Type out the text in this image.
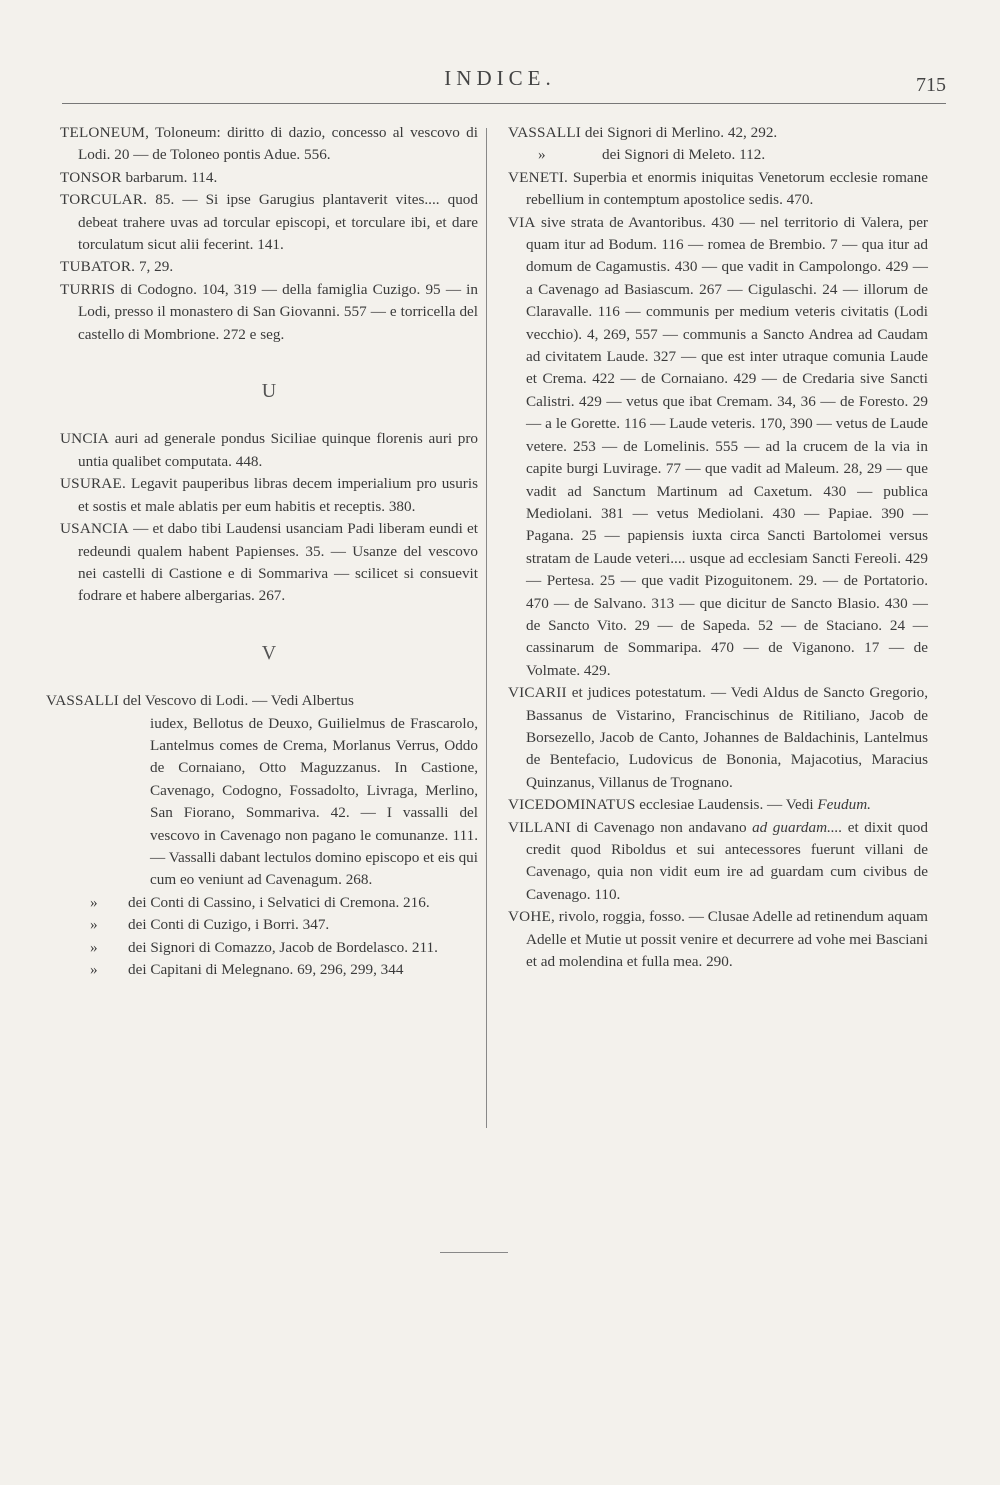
INDICE.	715

TELONEUM, Toloneum: diritto di dazio, concesso al vescovo di Lodi. 20 — de Toloneo pontis Adue. 556.

TONSOR barbarum. 114.

TORCULAR. 85. — Si ipse Garugius plantaverit vites.... quod debeat trahere uvas ad torcular episcopi, et torculare ibi, et dare torculatum sicut alii fecerint. 141.

TUBATOR. 7, 29.

TURRIS di Codogno. 104, 319 — della famiglia Cuzigo. 95 — in Lodi, presso il monastero di San Giovanni. 557 — e torricella del castello di Mombrione. 272 e seg.

U

UNCIA auri ad generale pondus Siciliae quinque florenis auri pro untia qualibet computata. 448.

USURAE. Legavit pauperibus libras decem imperialium pro usuris et sostis et male ablatis per eum habitis et receptis. 380.

USANCIA — et dabo tibi Laudensi usanciam Padi liberam eundi et redeundi qualem habent Papienses. 35. — Usanze del vescovo nei castelli di Castione e di Sommariva — scilicet si consuevit fodrare et habere albergarias. 267.

V

VASSALLI del Vescovo di Lodi. — Vedi Albertus

iudex, Bellotus de Deuxo, Guilielmus de Frascarolo, Lantelmus comes de Crema, Morlanus Verrus, Oddo de Cornaiano, Otto Maguzzanus. In Castione, Cavenago, Codogno, Fossadolto, Livraga, Merlino, San Fiorano, Sommariva. 42. — I vassalli del vescovo in Cavenago non pagano le comunanze. 111. — Vassalli dabant lectulos domino episcopo et eis qui cum eo veniunt ad Cavenagum. 268.

»	dei Conti di Cassino, i Selvatici di Cremona. 216.
»	dei Conti di Cuzigo, i Borri. 347.
»	dei Signori di Comazzo, Jacob de Bordelasco. 211.
»	dei Capitani di Melegnano. 69, 296, 299, 344

VASSALLI dei Signori di Merlino. 42, 292.

»	dei Signori di Meleto. 112.

VENETI. Superbia et enormis iniquitas Venetorum ecclesie romane rebellium in contemptum apostolice sedis. 470.

VIA sive strata de Avantoribus. 430 — nel territorio di Valera, per quam itur ad Bodum. 116 — romea de Brembio. 7 — qua itur ad domum de Cagamustis. 430 — que vadit in Campolongo. 429 — a Cavenago ad Basiascum. 267 — Cigulaschi. 24 — illorum de Claravalle. 116 — communis per medium veteris civitatis (Lodi vecchio). 4, 269, 557 — communis a Sancto Andrea ad Caudam ad civitatem Laude. 327 — que est inter utraque comunia Laude et Crema. 422 — de Cornaiano. 429 — de Credaria sive Sancti Calistri. 429 — vetus que ibat Cremam. 34, 36 — de Foresto. 29 — a le Gorette. 116 — Laude veteris. 170, 390 — vetus de Laude vetere. 253 — de Lomelinis. 555 — ad la crucem de la via in capite burgi Luvirage. 77 — que vadit ad Maleum. 28, 29 — que vadit ad Sanctum Martinum ad Caxetum. 430 — publica Mediolani. 381 — vetus Mediolani. 430 — Papiae. 390 — Pagana. 25 — papiensis iuxta circa Sancti Bartolomei versus stratam de Laude veteri.... usque ad ecclesiam Sancti Fereoli. 429 — Pertesa. 25 — que vadit Pizoguitonem. 29. — de Portatorio. 470 — de Salvano. 313 — que dicitur de Sancto Blasio. 430 — de Sancto Vito. 29 — de Sapeda. 52 — de Staciano. 24 — cassinarum de Sommaripa. 470 — de Viganono. 17 — de Volmate. 429.

VICARII et judices potestatum. — Vedi Aldus de Sancto Gregorio, Bassanus de Vistarino, Francischinus de Ritiliano, Jacob de Borsezello, Jacob de Canto, Johannes de Baldachinis, Lantelmus de Bentefacio, Ludovicus de Bononia, Majacotius, Maracius Quinzanus, Villanus de Trognano.

VICEDOMINATUS ecclesiae Laudensis. — Vedi Feudum.

VILLANI di Cavenago non andavano ad guardam.... et dixit quod credit quod Riboldus et sui antecessores fuerunt villani de Cavenago, quia non vidit eum ire ad guardam cum civibus de Cavenago. 110.

VOHE, rivolo, roggia, fosso. — Clusae Adelle ad retinendum aquam Adelle et Mutie ut possit venire et decurrere ad vohe mei Basciani et ad molendina et fulla mea. 290.
